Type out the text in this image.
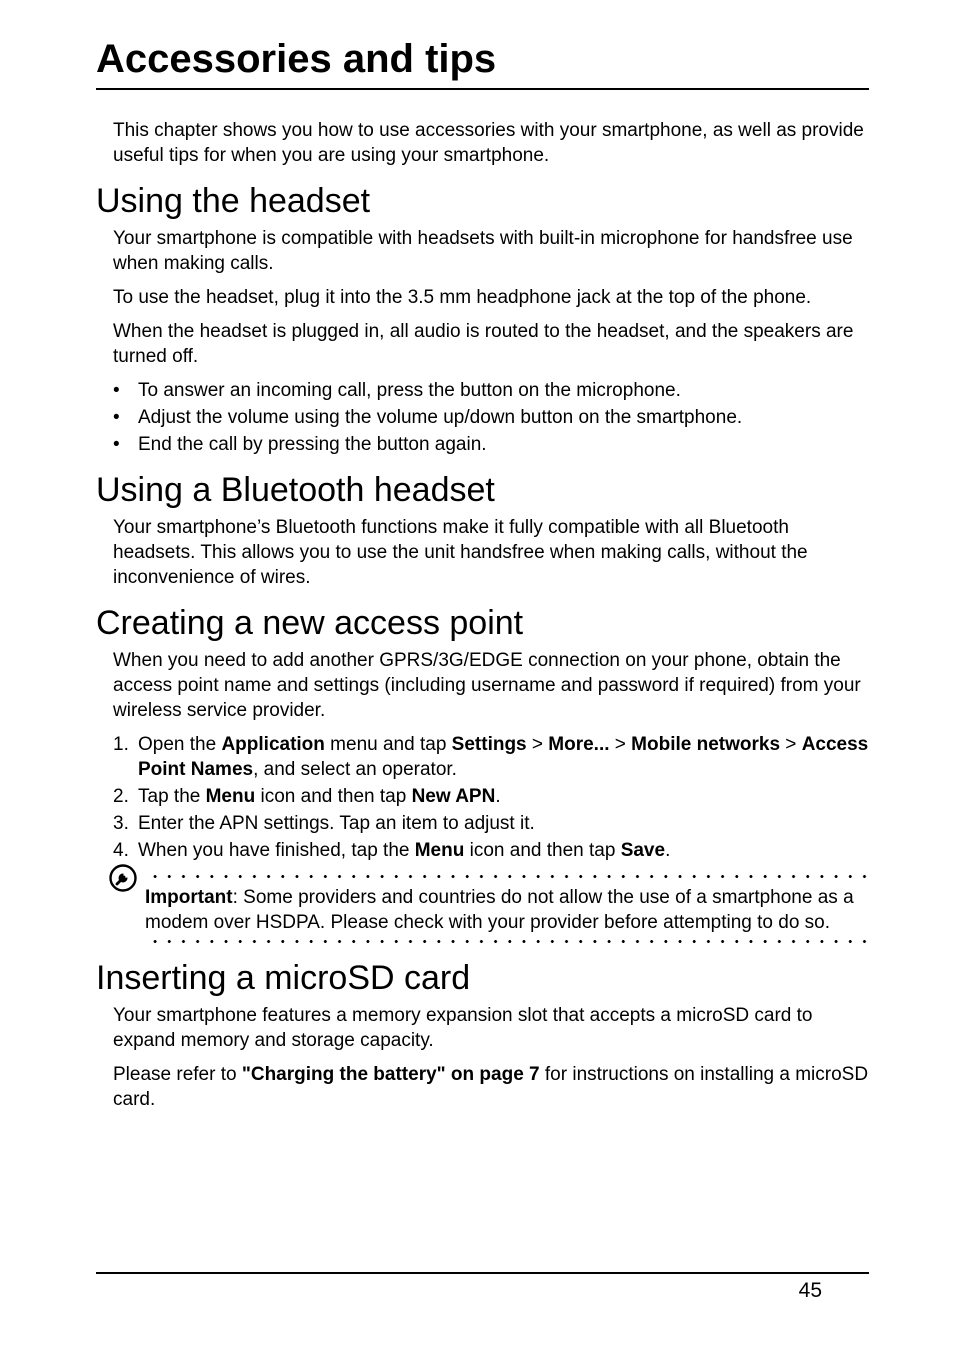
Accessories and tips

This chapter shows you how to use accessories with your smartphone, as well as provide useful tips for when you are using your smartphone.

Using the headset

Your smartphone is compatible with headsets with built-in microphone for handsfree use when making calls.

To use the headset, plug it into the 3.5 mm headphone jack at the top of the phone.

When the headset is plugged in, all audio is routed to the headset, and the speakers are turned off.

• To answer an incoming call, press the button on the microphone.
• Adjust the volume using the volume up/down button on the smartphone.
• End the call by pressing the button again.
Using a Bluetooth headset

Your smartphone’s Bluetooth functions make it fully compatible with all Bluetooth headsets. This allows you to use the unit handsfree when making calls, without the inconvenience of wires.

Creating a new access point

When you need to add another GPRS/3G/EDGE connection on your phone, obtain the access point name and settings (including username and password if required) from your wireless service provider.

1. Open the Application menu and tap Settings > More... > Mobile networks > Access Point Names, and select an operator.
2. Tap the Menu icon and then tap New APN.
3. Enter the APN settings. Tap an item to adjust it.
4. When you have finished, tap the Menu icon and then tap Save.

Important: Some providers and countries do not allow the use of a smartphone as a modem over HSDPA. Please check with your provider before attempting to do so.

Inserting a microSD card

Your smartphone features a memory expansion slot that accepts a microSD card to expand memory and storage capacity.

Please refer to "Charging the battery" on page 7 for instructions on installing a microSD card.

45
